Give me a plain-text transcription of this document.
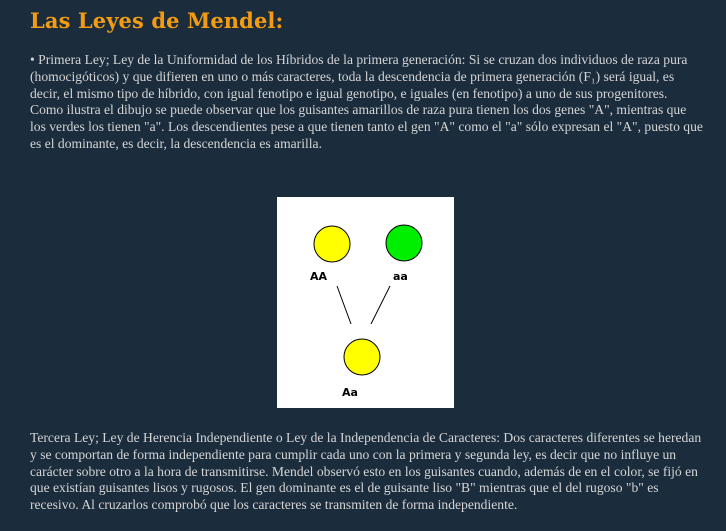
Las Leyes de Mendel:

• Primera Ley; Ley de la Uniformidad de los Híbridos de la primera generación: Si se cruzan dos individuos de raza pura (homocigóticos) y que difieren en uno o más caracteres, toda la descendencia de primera generación (F₁) será igual, es decir, el mismo tipo de híbrido, con igual fenotipo e igual genotipo, e iguales (en fenotipo) a uno de sus progenitores. Como ilustra el dibujo se puede observar que los guisantes amarillos de raza pura tienen los dos genes "A", mientras que los verdes los tienen "a". Los descendientes pese a que tienen tanto el gen "A" como el "a" sólo expresan el "A", puesto que es el dominante, es decir, la descendencia es amarilla.

AA	aa
Aa

Tercera Ley; Ley de Herencia Independiente o Ley de la Independencia de Caracteres: Dos caracteres diferentes se heredan y se comportan de forma independiente para cumplir cada uno con la primera y segunda ley, es decir que no influye un carácter sobre otro a la hora de transmitirse. Mendel observó esto en los guisantes cuando, además de en el color, se fijó en que existían guisantes lisos y rugosos. El gen dominante es el de guisante liso "B" mientras que el del rugoso "b" es recesivo. Al cruzarlos comprobó que los caracteres se transmiten de forma independiente.
